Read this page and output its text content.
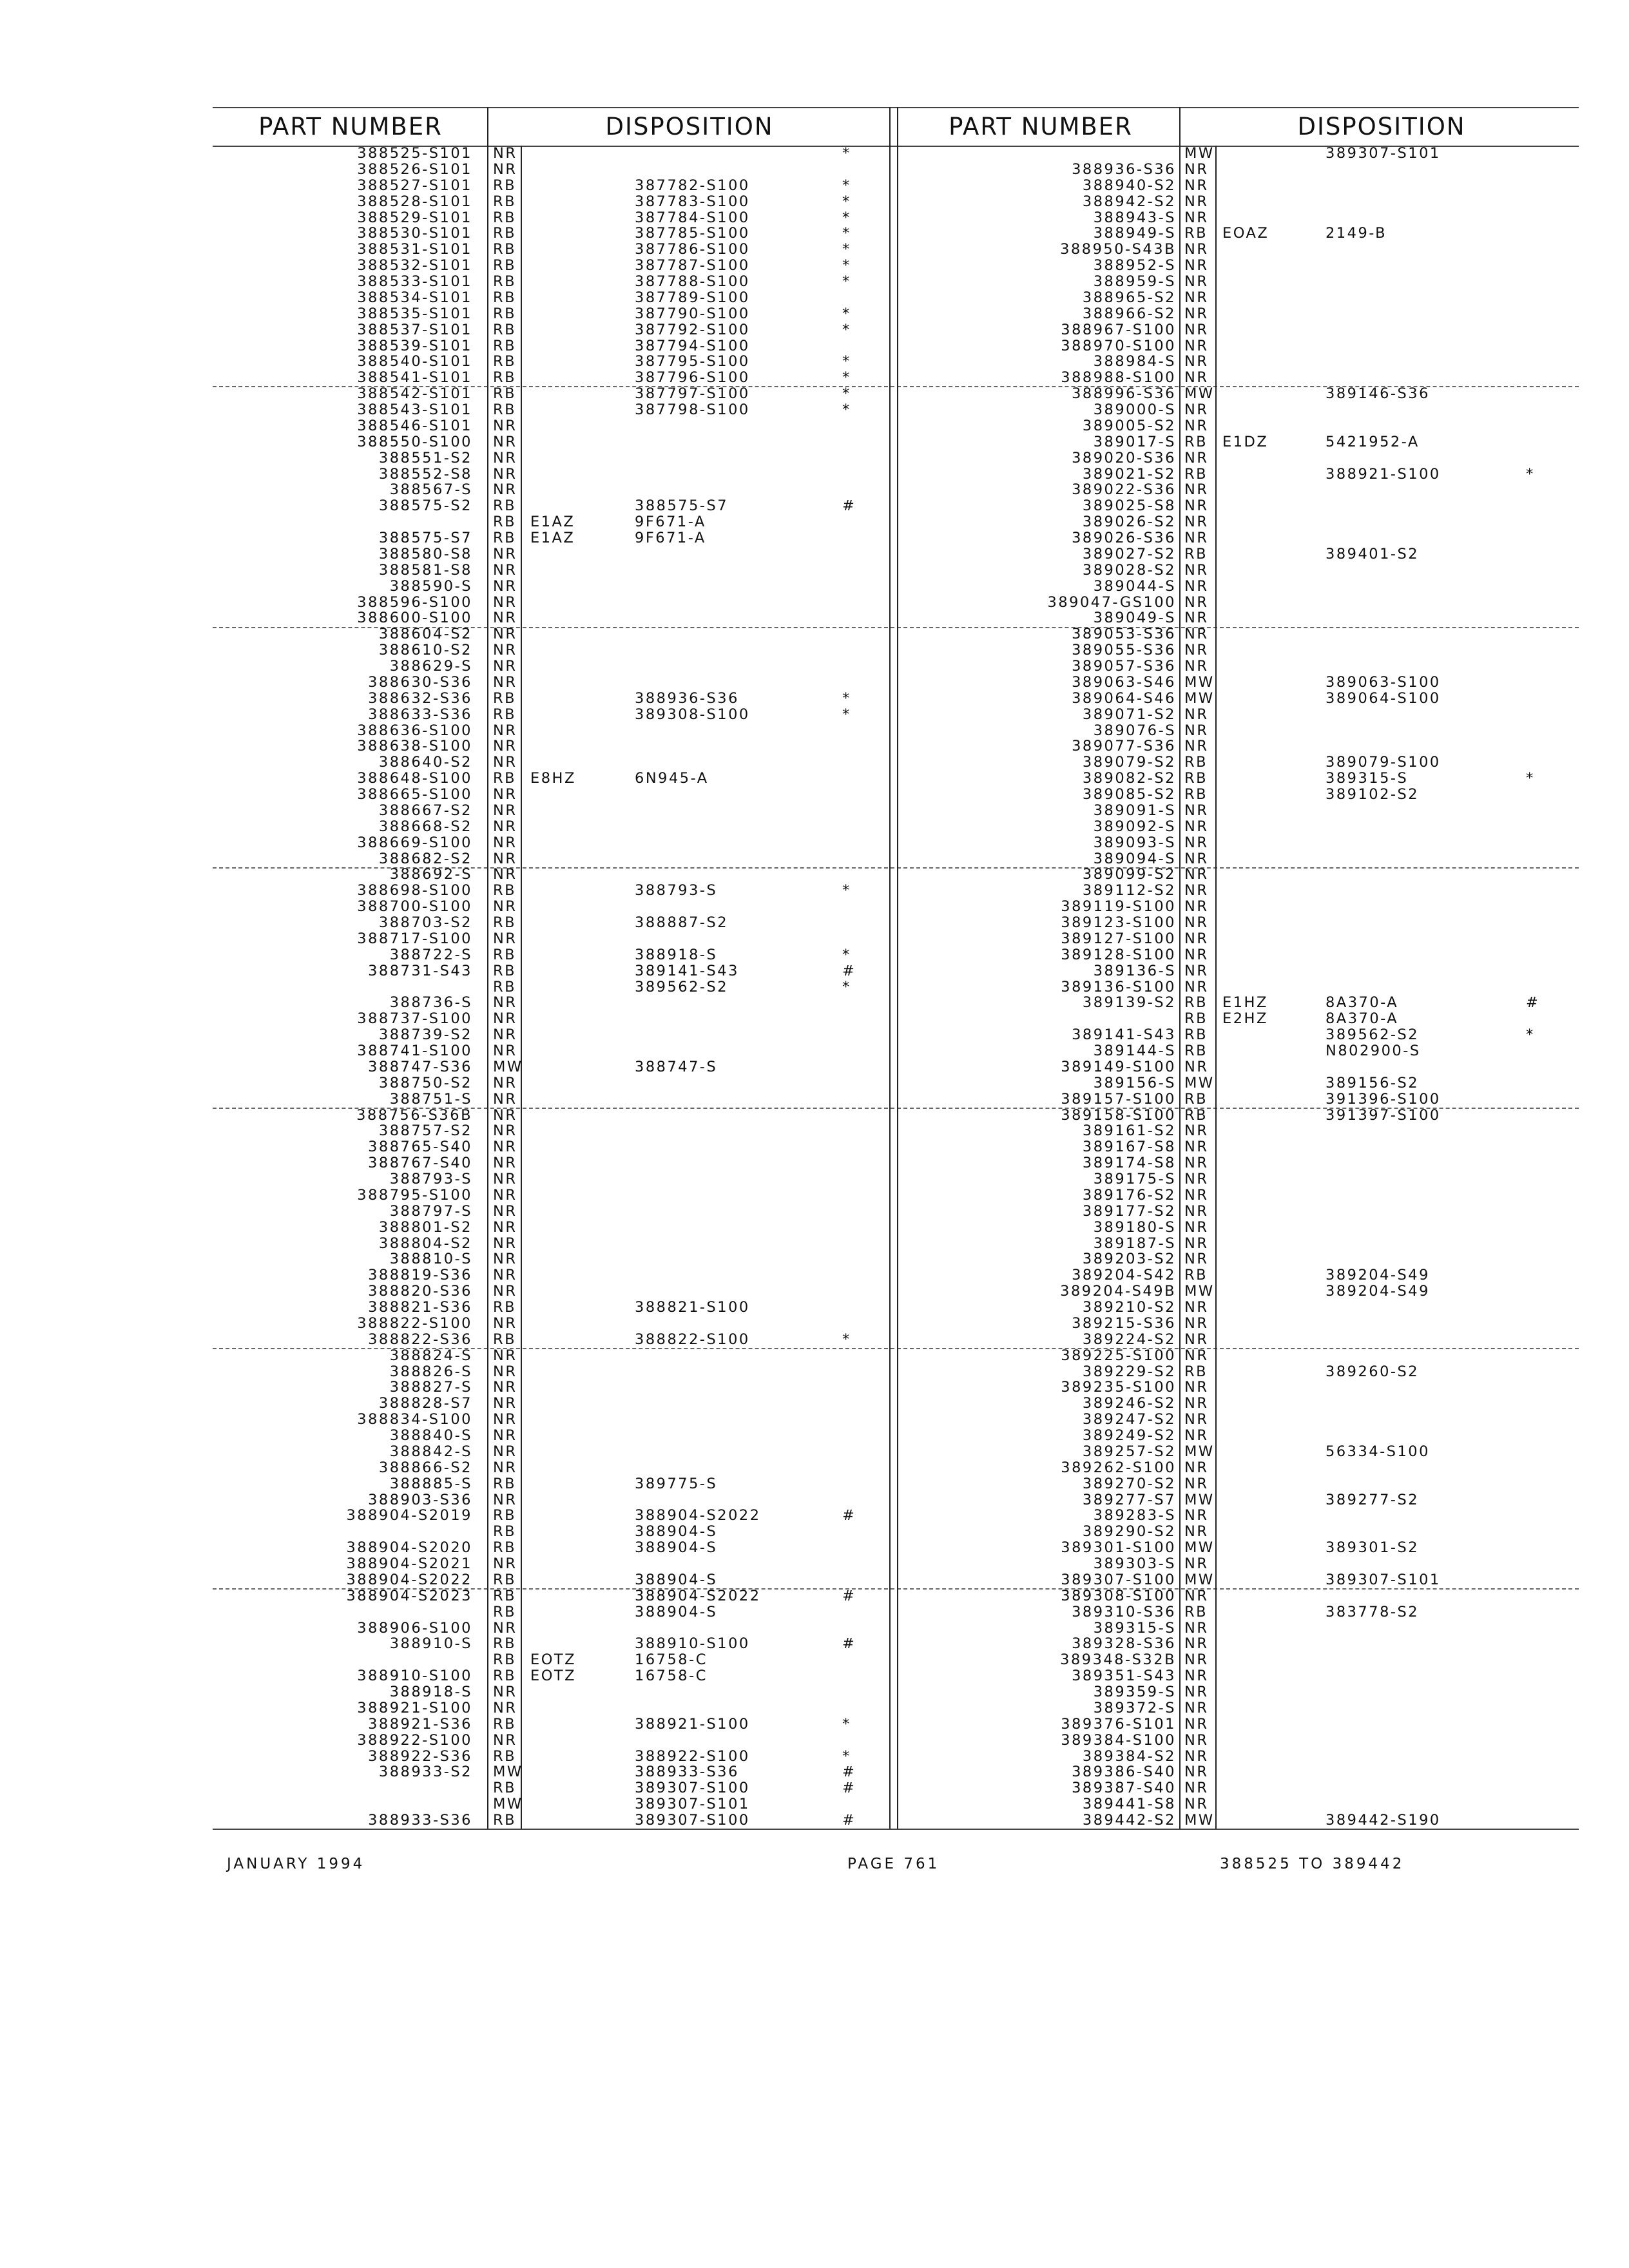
PART NUMBER	DISPOSITION	PART NUMBER	DISPOSITION
388525-S101 NR	*
388526-S101 NR
388527-S101 RB	387782-S100	*
388528-S101 RB	387783-S100	*
388529-S101 RB	387784-S100	*
388530-S101 RB	387785-S100	*
388531-S101 RB	387786-S100	*
388532-S101 RB	387787-S100	*
388533-S101 RB	387788-S100	*
388534-S101 RB	387789-S100
388535-S101 RB	387790-S100	*
388537-S101 RB	387792-S100	*
388539-S101 RB	387794-S100
388540-S101 RB	387795-S100	*
388541-S101 RB	387796-S100	*
388542-S101 RB	387797-S100	*
388543-S101 RB	387798-S100	*
388546-S101 NR
388550-S100 NR
388551-S2 NR
388552-S8 NR
388567-S NR
388575-S2 RB	388575-S7	#
RB E1AZ	9F671-A
388575-S7 RB E1AZ	9F671-A
388580-S8 NR
388581-S8 NR
388590-S NR
388596-S100 NR
388600-S100 NR
388604-S2 NR
388610-S2 NR
388629-S NR
388630-S36 NR
388632-S36 RB	388936-S36	*
388633-S36 RB	389308-S100	*
388636-S100 NR
388638-S100 NR
388640-S2 NR
388648-S100 RB E8HZ	6N945-A
388665-S100 NR
388667-S2 NR
388668-S2 NR
388669-S100 NR
388682-S2 NR
388692-S NR
388698-S100 RB	388793-S	*
388700-S100 NR
388703-S2 RB	388887-S2
388717-S100 NR
388722-S RB	388918-S	*
388731-S43 RB	389141-S43	#
RB	389562-S2	*
388736-S NR
388737-S100 NR
388739-S2 NR
388741-S100 NR
388747-S36 MW	388747-S
388750-S2 NR
388751-S NR
388756-S36B NR
388757-S2 NR
388765-S40 NR
388767-S40 NR
388793-S NR
388795-S100 NR
388797-S NR
388801-S2 NR
388804-S2 NR
388810-S NR
388819-S36 NR
388820-S36 NR
388821-S36 RB	388821-S100
388822-S100 NR
388822-S36 RB	388822-S100	*
388824-S NR
388826-S NR
388827-S NR
388828-S7 NR
388834-S100 NR
388840-S NR
388842-S NR
388866-S2 NR
388885-S RB	389775-S
388903-S36 NR
388904-S2019 RB	388904-S2022	#
RB	388904-S
388904-S2020 RB	388904-S
388904-S2021 NR
388904-S2022 RB	388904-S
388904-S2023 RB	388904-S2022	#
RB	388904-S
388906-S100 NR
388910-S RB	388910-S100	#
RB EOTZ	16758-C
388910-S100 RB EOTZ	16758-C
388918-S NR
388921-S100 NR
388921-S36 RB	388921-S100	*
388922-S100 NR
388922-S36 RB	388922-S100	*
388933-S2 MW	388933-S36	#
RB	389307-S100	#
MW	389307-S101
388933-S36 RB	389307-S100	#
MW	389307-S101
388936-S36 NR
388940-S2 NR
388942-S2 NR
388943-S NR
388949-S RB EOAZ	2149-B
388950-S43B NR
388952-S NR
388959-S NR
388965-S2 NR
388966-S2 NR
388967-S100 NR
388970-S100 NR
388984-S NR
388988-S100 NR
388996-S36 MW	389146-S36
389000-S NR
389005-S2 NR
389017-S RB E1DZ	5421952-A
389020-S36 NR
389021-S2 RB	388921-S100	*
389022-S36 NR
389025-S8 NR
389026-S2 NR
389026-S36 NR
389027-S2 RB	389401-S2
389028-S2 NR
389044-S NR
389047-GS100 NR
389049-S NR
389053-S36 NR
389055-S36 NR
389057-S36 NR
389063-S46 MW	389063-S100
389064-S46 MW	389064-S100
389071-S2 NR
389076-S NR
389077-S36 NR
389079-S2 RB	389079-S100
389082-S2 RB	389315-S	*
389085-S2 RB	389102-S2
389091-S NR
389092-S NR
389093-S NR
389094-S NR
389099-S2 NR
389112-S2 NR
389119-S100 NR
389123-S100 NR
389127-S100 NR
389128-S100 NR
389136-S NR
389136-S100 NR
389139-S2 RB E1HZ	8A370-A	#
RB E2HZ	8A370-A
389141-S43 RB	389562-S2	*
389144-S RB	N802900-S
389149-S100 NR
389156-S MW	389156-S2
389157-S100 RB	391396-S100
389158-S100 RB	391397-S100
389161-S2 NR
389167-S8 NR
389174-S8 NR
389175-S NR
389176-S2 NR
389177-S2 NR
389180-S NR
389187-S NR
389203-S2 NR
389204-S42 RB	389204-S49
389204-S49B MW	389204-S49
389210-S2 NR
389215-S36 NR
389224-S2 NR
389225-S100 NR
389229-S2 RB	389260-S2
389235-S100 NR
389246-S2 NR
389247-S2 NR
389249-S2 NR
389257-S2 MW	56334-S100
389262-S100 NR
389270-S2 NR
389277-S7 MW	389277-S2
389283-S NR
389290-S2 NR
389301-S100 MW	389301-S2
389303-S NR
389307-S100 MW	389307-S101
389308-S100 NR
389310-S36 RB	383778-S2
389315-S NR
389328-S36 NR
389348-S32B NR
389351-S43 NR
389359-S NR
389372-S NR
389376-S101 NR
389384-S100 NR
389384-S2 NR
389386-S40 NR
389387-S40 NR
389441-S8 NR
389442-S2 MW	389442-S190
JANUARY 1994	PAGE 761	388525 TO 389442
